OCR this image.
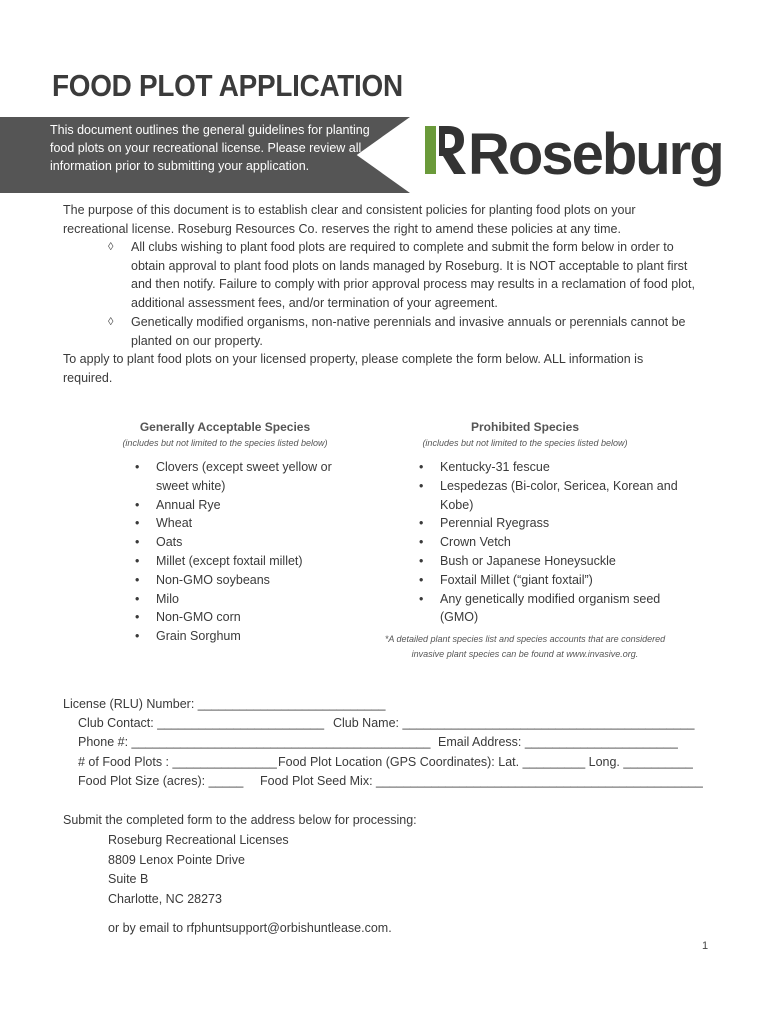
FOOD PLOT APPLICATION
This document outlines the general guidelines for planting
food plots on your recreational license. Please review all
information prior to submitting your application.	Roseburg
The purpose of this document is to establish clear and consistent policies for planting food plots on your
recreational license. Roseburg Resources Co. reserves the right to amend these policies at any time.
◊ All clubs wishing to plant food plots are required to complete and submit the form below in order to
obtain approval to plant food plots on lands managed by Roseburg. It is NOT acceptable to plant first
and then notify. Failure to comply with prior approval process may results in a reclamation of food plot,
additional assessment fees, and/or termination of your agreement.
◊ Genetically modified organisms, non-native perennials and invasive annuals or perennials cannot be
planted on our property.
To apply to plant food plots on your licensed property, please complete the form below. ALL information is
required.
Generally Acceptable Species
(includes but not limited to the species listed below)
• Clovers (except sweet yellow or
sweet white)
• Annual Rye
• Wheat
• Oats
• Millet (except foxtail millet)
• Non-GMO soybeans
• Milo
• Non-GMO corn
• Grain Sorghum
Prohibited Species
(includes but not limited to the species listed below)
• Kentucky-31 fescue
• Lespedezas (Bi-color, Sericea, Korean and
Kobe)
• Perennial Ryegrass
• Crown Vetch
• Bush or Japanese Honeysuckle
• Foxtail Millet (“giant foxtail”)
• Any genetically modified organism seed
(GMO)
*A detailed plant species list and species accounts that are considered
invasive plant species can be found at www.invasive.org.
License (RLU) Number: ___________________________
Club Contact: ________________________ Club Name: __________________________________________
Phone #: ___________________________________________ Email Address: ______________________
# of Food Plots : _______________ Food Plot Location (GPS Coordinates): Lat. _________ Long. __________
Food Plot Size (acres): _____ Food Plot Seed Mix: _______________________________________________
Submit the completed form to the address below for processing:
Roseburg Recreational Licenses
8809 Lenox Pointe Drive
Suite B
Charlotte, NC 28273
or by email to rfphuntsupport@orbishuntlease.com.
1
